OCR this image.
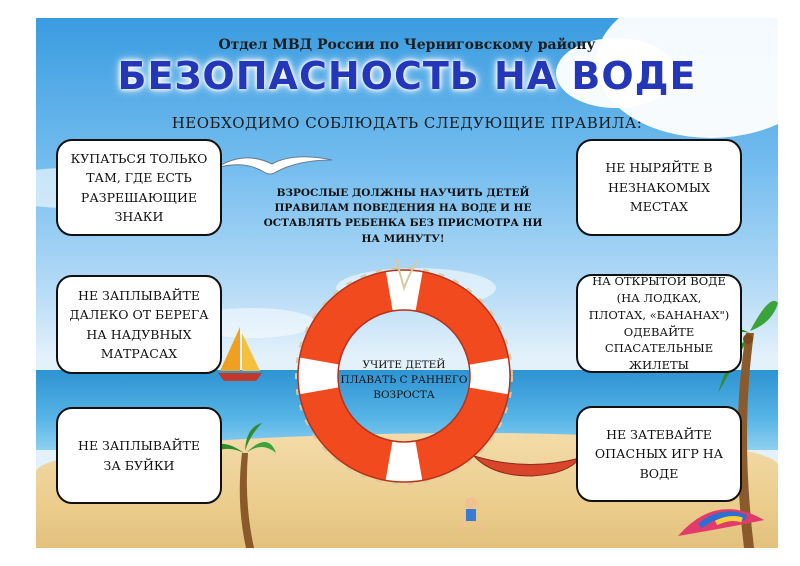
Отдел МВД России по Черниговскому району
БЕЗОПАСНОСТЬ НА ВОДЕ
НЕОБХОДИМО СОБЛЮДАТЬ СЛЕДУЮЩИЕ ПРАВИЛА:
КУПАТЬСЯ ТОЛЬКО ТАМ, ГДЕ ЕСТЬ РАЗРЕШАЮЩИЕ ЗНАКИ
НЕ ЗАПЛЫВАЙТЕ ДАЛЕКО ОТ БЕРЕГА НА НАДУВНЫХ МАТРАСАХ
НЕ ЗАПЛЫВАЙТЕ ЗА БУЙКИ
НЕ НЫРЯЙТЕ В НЕЗНАКОМЫХ МЕСТАХ
НА ОТКРЫТОЙ ВОДЕ (НА ЛОДКАХ, ПЛОТАХ, «БАНАНАХ") ОДЕВАЙТЕ СПАСАТЕЛЬНЫЕ ЖИЛЕТЫ
НЕ ЗАТЕВАЙТЕ ОПАСНЫХ ИГР НА ВОДЕ
ВЗРОСЛЫЕ ДОЛЖНЫ НАУЧИТЬ ДЕТЕЙ ПРАВИЛАМ ПОВЕДЕНИЯ НА ВОДЕ И НЕ ОСТАВЛЯТЬ РЕБЕНКА БЕЗ ПРИСМОТРА НИ НА МИНУТУ!
УЧИТЕ ДЕТЕЙ ПЛАВАТЬ С РАННЕГО ВОЗРОСТА
